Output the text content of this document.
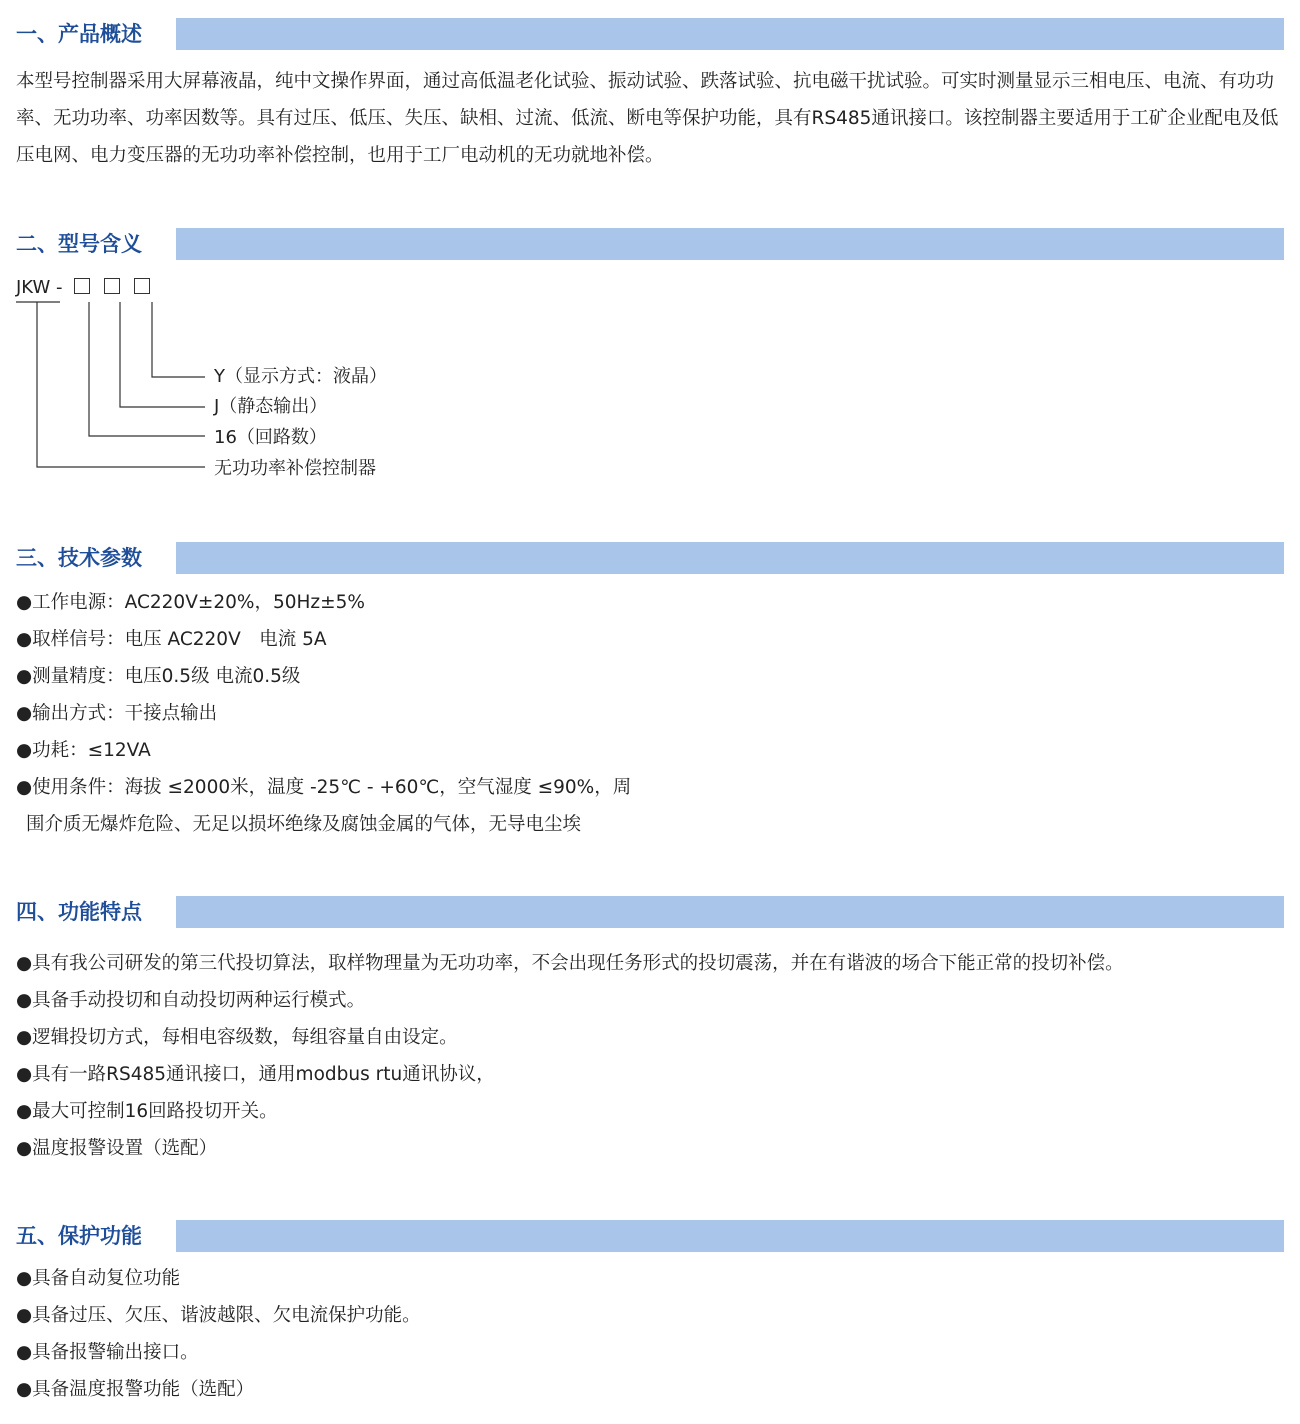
一、产品概述
本型号控制器采用大屏幕液晶，纯中文操作界面，通过高低温老化试验、振动试验、跌落试验、抗电磁干扰试验。可实时测量显示三相电压、电流、有功功率、无功功率、功率因数等。具有过压、低压、失压、缺相、过流、低流、断电等保护功能，具有RS485通讯接口。该控制器主要适用于工矿企业配电及低压电网、电力变压器的无功功率补偿控制，也用于工厂电动机的无功就地补偿。
二、型号含义
JKW -
Y（显示方式：液晶）
J（静态输出）
16（回路数）
无功功率补偿控制器
三、技术参数
●工作电源：AC220V±20%，50Hz±5%
●取样信号：电压 AC220V　电流 5A
●测量精度：电压0.5级 电流0.5级
●输出方式：干接点输出
●功耗：≤12VA
●使用条件：海拔 ≤2000米，温度 -25℃ - +60℃，空气湿度 ≤90%，周
围介质无爆炸危险、无足以损坏绝缘及腐蚀金属的气体，无导电尘埃
四、功能特点
●具有我公司研发的第三代投切算法，取样物理量为无功功率，不会出现任务形式的投切震荡，并在有谐波的场合下能正常的投切补偿。
●具备手动投切和自动投切两种运行模式。
●逻辑投切方式，每相电容级数，每组容量自由设定。
●具有一路RS485通讯接口，通用modbus rtu通讯协议，
●最大可控制16回路投切开关。
●温度报警设置（选配）
五、保护功能
●具备自动复位功能
●具备过压、欠压、谐波越限、欠电流保护功能。
●具备报警输出接口。
●具备温度报警功能（选配）
